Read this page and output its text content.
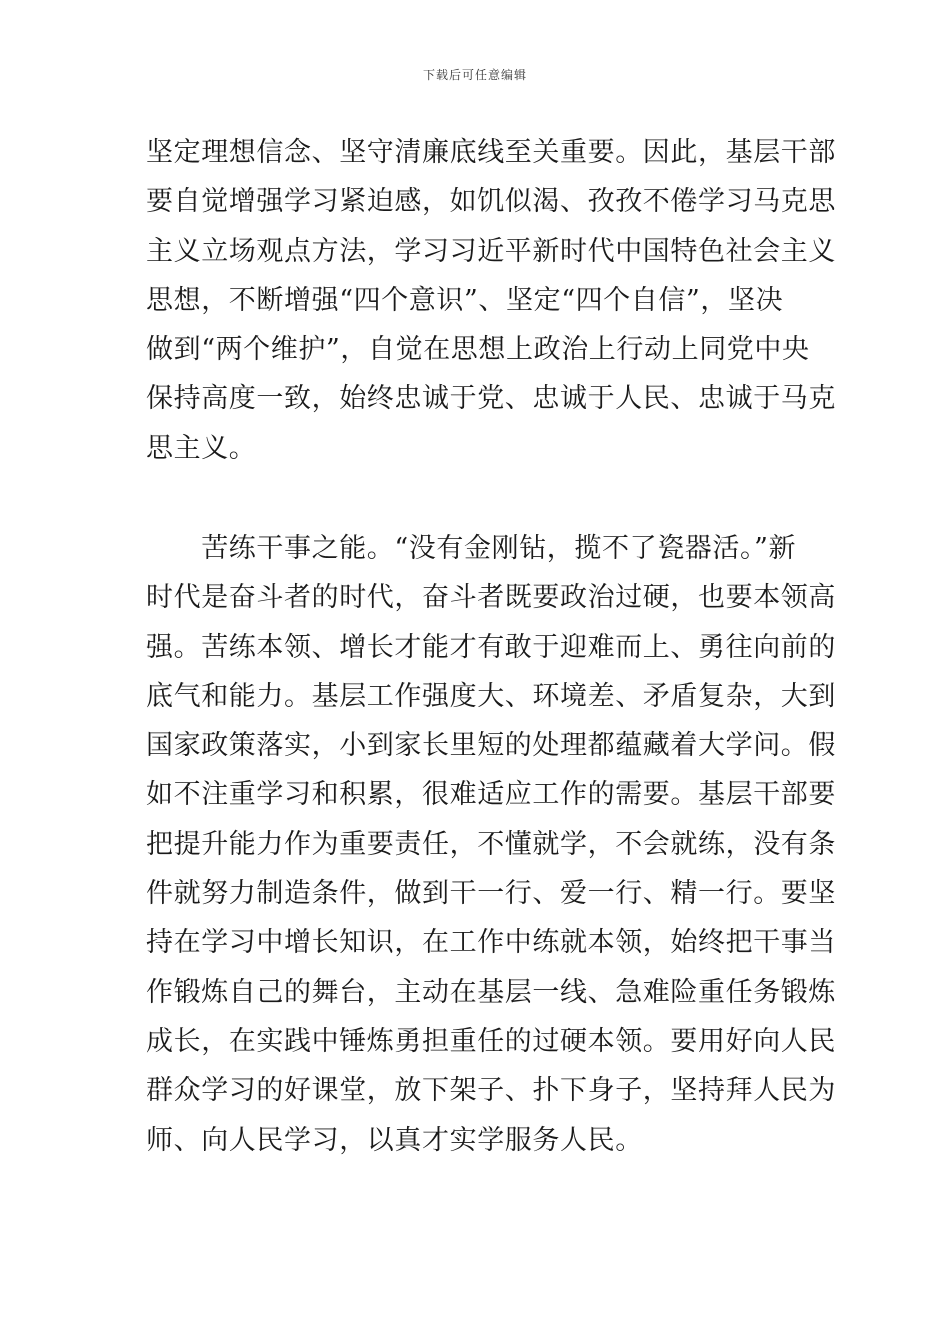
下载后可任意编辑
坚定理想信念、坚守清廉底线至关重要。因此，基层干部
要自觉增强学习紧迫感，如饥似渴、孜孜不倦学习马克思
主义立场观点方法，学习习近平新时代中国特色社会主义
思想，不断增强“四个意识”、坚定“四个自信”，坚决
做到“两个维护”，自觉在思想上政治上行动上同党中央
保持高度一致，始终忠诚于党、忠诚于人民、忠诚于马克
思主义。
　　苦练干事之能。“没有金刚钻，揽不了瓷器活。”新
时代是奋斗者的时代，奋斗者既要政治过硬，也要本领高
强。苦练本领、增长才能才有敢于迎难而上、勇往向前的
底气和能力。基层工作强度大、环境差、矛盾复杂，大到
国家政策落实，小到家长里短的处理都蕴藏着大学问。假
如不注重学习和积累，很难适应工作的需要。基层干部要
把提升能力作为重要责任，不懂就学，不会就练，没有条
件就努力制造条件，做到干一行、爱一行、精一行。要坚
持在学习中增长知识，在工作中练就本领，始终把干事当
作锻炼自己的舞台，主动在基层一线、急难险重任务锻炼
成长，在实践中锤炼勇担重任的过硬本领。要用好向人民
群众学习的好课堂，放下架子、扑下身子，坚持拜人民为
师、向人民学习，以真才实学服务人民。
